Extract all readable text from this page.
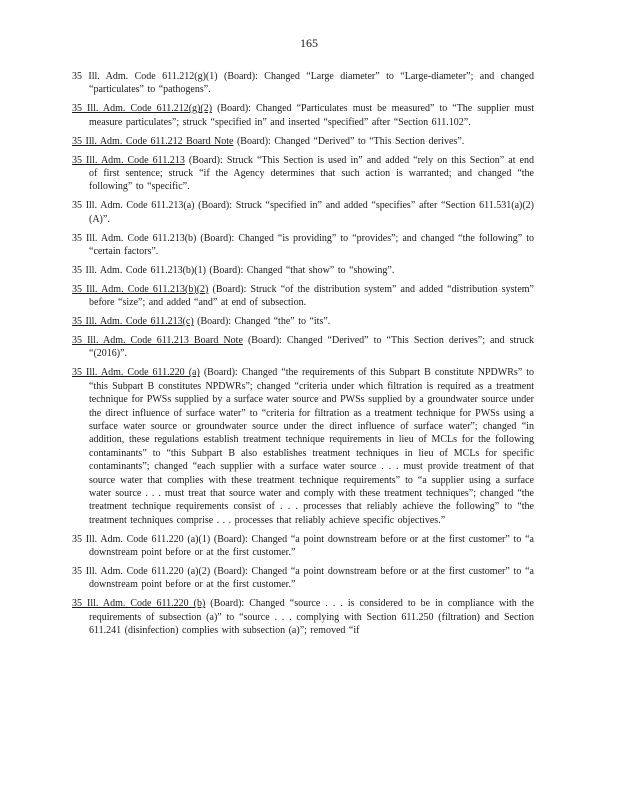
165

35 Ill. Adm. Code 611.212(g)(1) (Board): Changed “Large diameter” to “Large-diameter”; and changed “particulates” to “pathogens”.

35 Ill. Adm. Code 611.212(g)(2) (Board): Changed “Particulates must be measured” to “The supplier must measure particulates”; struck “specified in” and inserted “specified” after “Section 611.102”.

35 Ill. Adm. Code 611.212 Board Note (Board): Changed “Derived” to “This Section derives”.

35 Ill. Adm. Code 611.213 (Board): Struck “This Section is used in” and added “rely on this Section” at end of first sentence; struck “if the Agency determines that such action is warranted; and changed “the following” to “specific”.

35 Ill. Adm. Code 611.213(a) (Board): Struck “specified in” and added “specifies” after “Section 611.531(a)(2)(A)”.

35 Ill. Adm. Code 611.213(b) (Board): Changed “is providing” to “provides”; and changed “the following” to “certain factors”.

35 Ill. Adm. Code 611.213(b)(1) (Board): Changed “that show” to “showing”.

35 Ill. Adm. Code 611.213(b)(2) (Board): Struck “of the distribution system” and added “distribution system” before “size”; and added “and” at end of subsection.

35 Ill. Adm. Code 611.213(c) (Board): Changed “the” to “its”.

35 Ill. Adm. Code 611.213 Board Note (Board): Changed “Derived” to “This Section derives”; and struck “(2016)”.

35 Ill. Adm. Code 611.220 (a) (Board): Changed “the requirements of this Subpart B constitute NPDWRs” to “this Subpart B constitutes NPDWRs”; changed “criteria under which filtration is required as a treatment technique for PWSs supplied by a surface water source and PWSs supplied by a groundwater source under the direct influence of surface water” to “criteria for filtration as a treatment technique for PWSs using a surface water source or groundwater source under the direct influence of surface water”; changed “in addition, these regulations establish treatment technique requirements in lieu of MCLs for the following contaminants” to “this Subpart B also establishes treatment techniques in lieu of MCLs for specific contaminants”; changed “each supplier with a surface water source . . . must provide treatment of that source water that complies with these treatment technique requirements” to “a supplier using a surface water source . . . must treat that source water and comply with these treatment techniques”; changed “the treatment technique requirements consist of . . . processes that reliably achieve the following” to “the treatment techniques comprise . . . processes that reliably achieve specific objectives.”

35 Ill. Adm. Code 611.220 (a)(1) (Board): Changed “a point downstream before or at the first customer” to “a downstream point before or at the first customer.”

35 Ill. Adm. Code 611.220 (a)(2) (Board): Changed “a point downstream before or at the first customer” to “a downstream point before or at the first customer.”

35 Ill. Adm. Code 611.220 (b) (Board): Changed “source . . . is considered to be in compliance with the requirements of subsection (a)” to “source . . . complying with Section 611.250 (filtration) and Section 611.241 (disinfection) complies with subsection (a)”; removed “if
